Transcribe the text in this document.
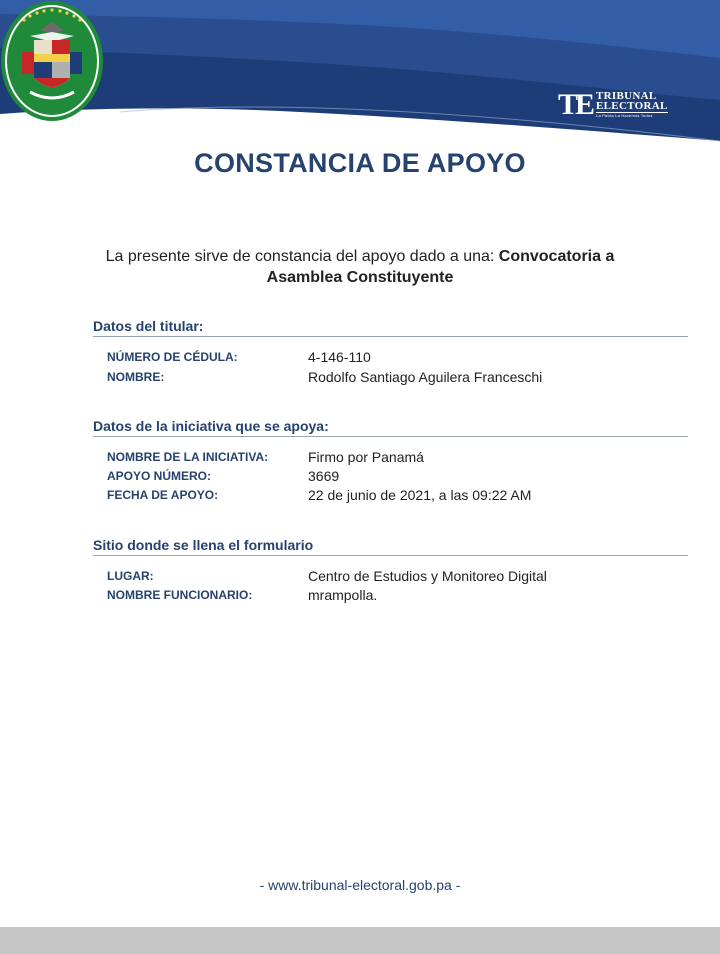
TE TRIBUNAL
ELECTORAL
La Patria La Hacemos Todos
CONSTANCIA DE APOYO
La presente sirve de constancia del apoyo dado a una: Convocatoria a Asamblea Constituyente
Datos del titular:
NÚMERO DE CÉDULA:	4-146-110
NOMBRE:	Rodolfo Santiago Aguilera Franceschi
Datos de la iniciativa que se apoya:
NOMBRE DE LA INICIATIVA:	Firmo por Panamá
APOYO NÚMERO:	3669
FECHA DE APOYO:	22 de junio de 2021, a las 09:22 AM
Sitio donde se llena el formulario
LUGAR:	Centro de Estudios y Monitoreo Digital
NOMBRE FUNCIONARIO:	mrampolla.
- www.tribunal-electoral.gob.pa -
